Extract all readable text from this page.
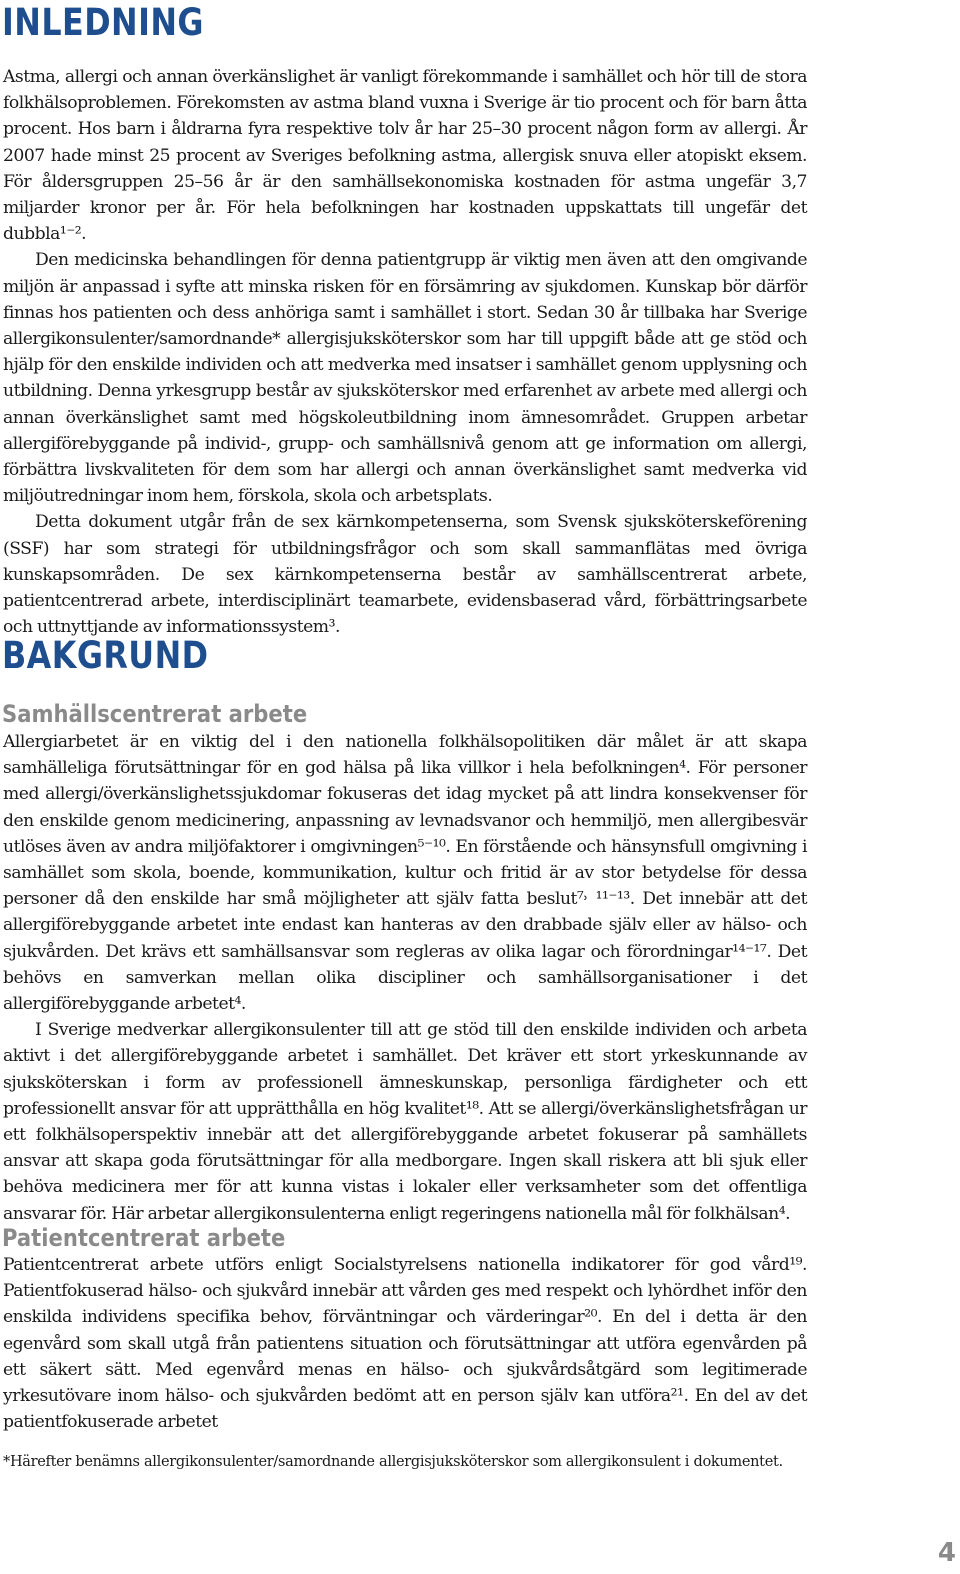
INLEDNING

Astma, allergi och annan överkänslighet är vanligt förekommande i samhället och hör till de stora folkhälsoproblemen. Förekomsten av astma bland vuxna i Sverige är tio procent och för barn åtta procent. Hos barn i åldrarna fyra respektive tolv år har 25–30 procent någon form av allergi. År 2007 hade minst 25 procent av Sveriges befolkning astma, allergisk snuva eller atopiskt eksem. För åldersgruppen 25–56 år är den samhällsekonomiska kostnaden för astma ungefär 3,7 miljarder kronor per år. För hela befolkningen har kostnaden uppskattats till ungefär det dubbla¹⁻².

Den medicinska behandlingen för denna patientgrupp är viktig men även att den omgivande miljön är anpassad i syfte att minska risken för en försämring av sjukdomen. Kunskap bör därför finnas hos patienten och dess anhöriga samt i samhället i stort. Sedan 30 år tillbaka har Sverige allergikonsulenter/samordnande* allergisjuksköterskor som har till uppgift både att ge stöd och hjälp för den enskilde individen och att medverka med insatser i samhället genom upplysning och utbildning. Denna yrkesgrupp består av sjuksköterskor med erfarenhet av arbete med allergi och annan överkänslighet samt med högskoleutbildning inom ämnesområdet. Gruppen arbetar allergiförebyggande på individ-, grupp- och samhällsnivå genom att ge information om allergi, förbättra livskvaliteten för dem som har allergi och annan överkänslighet samt medverka vid miljöutredningar inom hem, förskola, skola och arbetsplats.

Detta dokument utgår från de sex kärnkompetenserna, som Svensk sjuksköterskeförening (SSF) har som strategi för utbildningsfrågor och som skall sammanflätas med övriga kunskapsområden. De sex kärnkompetenserna består av samhällscentrerat arbete, patientcentrerad arbete, interdisciplinärt teamarbete, evidensbaserad vård, förbättringsarbete och uttnyttjande av informationssystem³.

BAKGRUND
Samhällscentrerat arbete

Allergiarbetet är en viktig del i den nationella folkhälsopolitiken där målet är att skapa samhälleliga förutsättningar för en god hälsa på lika villkor i hela befolkningen⁴. För personer med allergi/överkänslighetssjukdomar fokuseras det idag mycket på att lindra konsekvenser för den enskilde genom medicinering, anpassning av levnadsvanor och hemmiljö, men allergibesvär utlöses även av andra miljöfaktorer i omgivningen⁵⁻¹⁰. En förstående och hänsynsfull omgivning i samhället som skola, boende, kommunikation, kultur och fritid är av stor betydelse för dessa personer då den enskilde har små möjligheter att själv fatta beslut⁷˒ ¹¹⁻¹³. Det innebär att det allergiförebyggande arbetet inte endast kan hanteras av den drabbade själv eller av hälso- och sjukvården. Det krävs ett samhällsansvar som regleras av olika lagar och förordningar¹⁴⁻¹⁷. Det behövs en samverkan mellan olika discipliner och samhällsorganisationer i det allergiförebyggande arbetet⁴.

I Sverige medverkar allergikonsulenter till att ge stöd till den enskilde individen och arbeta aktivt i det allergiförebyggande arbetet i samhället. Det kräver ett stort yrkeskunnande av sjuksköterskan i form av professionell ämneskunskap, personliga färdigheter och ett professionellt ansvar för att upprätthålla en hög kvalitet¹⁸. Att se allergi/överkänslighetsfrågan ur ett folkhälsoperspektiv innebär att det allergiförebyggande arbetet fokuserar på samhällets ansvar att skapa goda förutsättningar för alla medborgare. Ingen skall riskera att bli sjuk eller behöva medicinera mer för att kunna vistas i lokaler eller verksamheter som det offentliga ansvarar för. Här arbetar allergikonsulenterna enligt regeringens nationella mål för folkhälsan⁴.

Patientcentrerat arbete

Patientcentrerat arbete utförs enligt Socialstyrelsens nationella indikatorer för god vård¹⁹. Patientfokuserad hälso- och sjukvård innebär att vården ges med respekt och lyhördhet inför den enskilda individens specifika behov, förväntningar och värderingar²⁰. En del i detta är den egenvård som skall utgå från patientens situation och förutsättningar att utföra egenvården på ett säkert sätt. Med egenvård menas en hälso- och sjukvårdsåtgärd som legitimerade yrkesutövare inom hälso- och sjukvården bedömt att en person själv kan utföra²¹. En del av det patientfokuserade arbetet

*Härefter benämns allergikonsulenter/samordnande allergisjuksköterskor som allergikonsulent i dokumentet.

4
